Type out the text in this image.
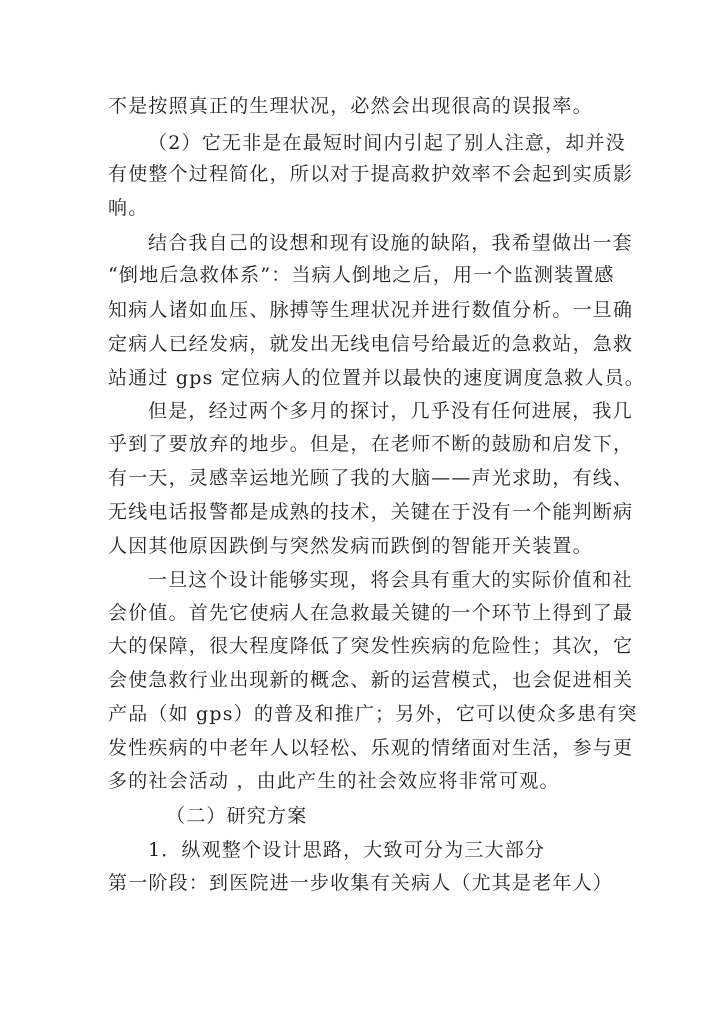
不是按照真正的生理状况，必然会出现很高的误报率。
（2）它无非是在最短时间内引起了别人注意，却并没
有使整个过程简化，所以对于提高救护效率不会起到实质影
响。
结合我自己的设想和现有设施的缺陷，我希望做出一套
“倒地后急救体系”：当病人倒地之后，用一个监测装置感
知病人诸如血压、脉搏等生理状况并进行数值分析。一旦确
定病人已经发病，就发出无线电信号给最近的急救站，急救
站通过 gps 定位病人的位置并以最快的速度调度急救人员。
但是，经过两个多月的探讨，几乎没有任何进展，我几
乎到了要放弃的地步。但是，在老师不断的鼓励和启发下，
有一天，灵感幸运地光顾了我的大脑——声光求助，有线、
无线电话报警都是成熟的技术，关键在于没有一个能判断病
人因其他原因跌倒与突然发病而跌倒的智能开关装置。
一旦这个设计能够实现，将会具有重大的实际价值和社
会价值。首先它使病人在急救最关键的一个环节上得到了最
大的保障，很大程度降低了突发性疾病的危险性；其次，它
会使急救行业出现新的概念、新的运营模式，也会促进相关
产品（如 gps）的普及和推广；另外，它可以使众多患有突
发性疾病的中老年人以轻松、乐观的情绪面对生活，参与更
多的社会活动 ，由此产生的社会效应将非常可观。
（二）研究方案
1．纵观整个设计思路，大致可分为三大部分
第一阶段：到医院进一步收集有关病人（尤其是老年人）
